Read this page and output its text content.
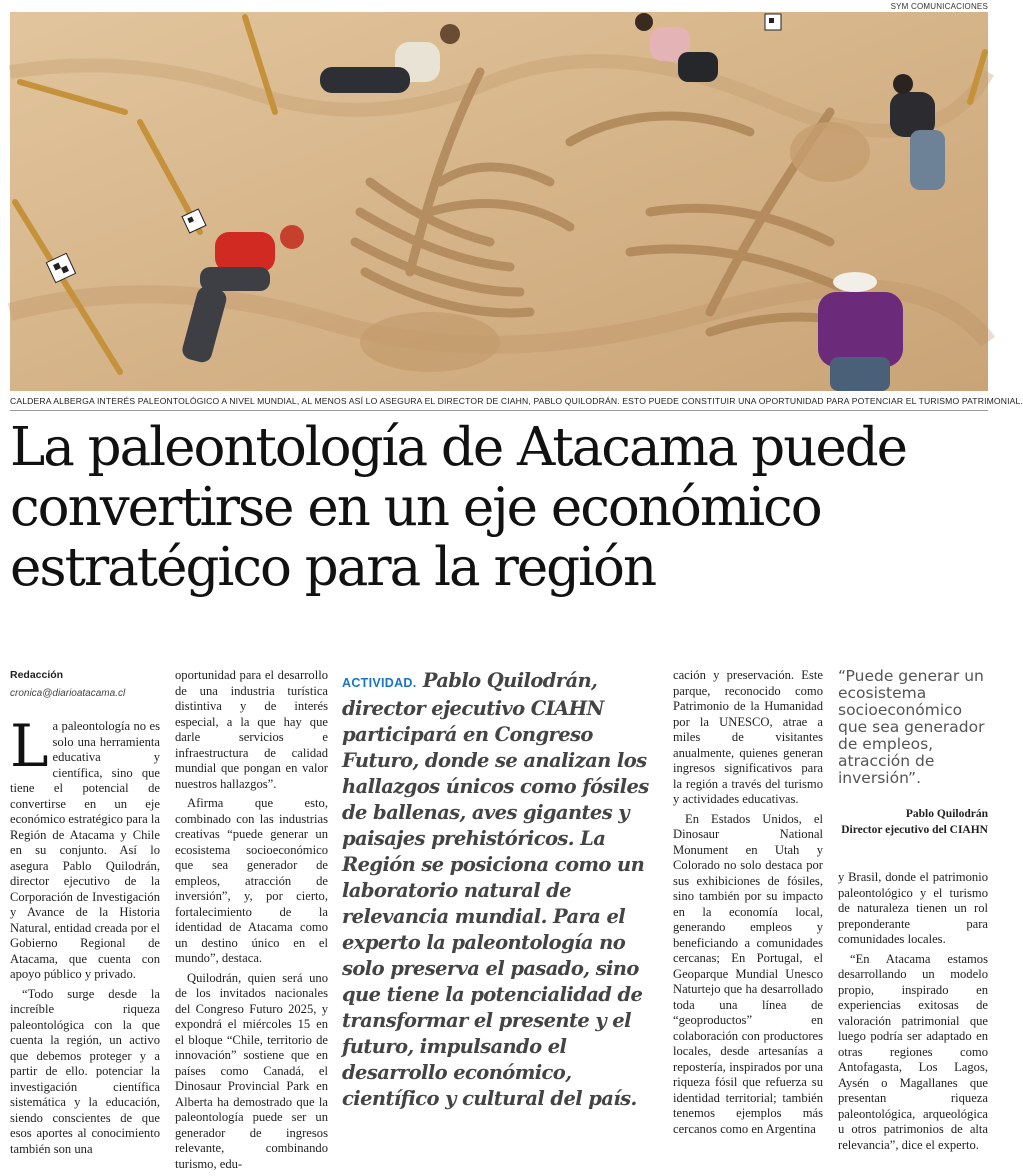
SYM COMUNICACIONES
CALDERA ALBERGA INTERÉS PALEONTOLÓGICO A NIVEL MUNDIAL, AL MENOS ASÍ LO ASEGURA EL DIRECTOR DE CIAHN, PABLO QUILODRÁN. ESTO PUEDE CONSTITUIR UNA OPORTUNIDAD PARA POTENCIAR EL TURISMO PATRIMONIAL.
La paleontología de Atacama puede convertirse en un eje económico estratégico para la región
Redacción
cronica@diarioatacama.cl

La paleontología no es solo una herramienta educativa y científica, sino que tiene el potencial de convertirse en un eje económico estratégico para la Región de Atacama y Chile en su conjunto. Así lo asegura Pablo Quilodrán, director ejecutivo de la Corporación de Investigación y Avance de la Historia Natural, entidad creada por el Gobierno Regional de Atacama, que cuenta con apoyo público y privado.

“Todo surge desde la increíble riqueza paleontológica con la que cuenta la región, un activo que debemos proteger y a partir de ello. potenciar la investigación científica sistemática y la educación, siendo conscientes de que esos aportes al conocimiento también son una

oportunidad para el desarrollo de una industria turística distintiva y de interés especial, a la que hay que darle servicios e infraestructura de calidad mundial que pongan en valor nuestros hallazgos”.

Afirma que esto, combinado con las industrias creativas “puede generar un ecosistema socioeconómico que sea generador de empleos, atracción de inversión”, y, por cierto, fortalecimiento de la identidad de Atacama como un destino único en el mundo”, destaca.

Quilodrán, quien será uno de los invitados nacionales del Congreso Futuro 2025, y expondrá el miércoles 15 en el bloque “Chile, territorio de innovación” sostiene que en países como Canadá, el Dinosaur Provincial Park en Alberta ha demostrado que la paleontología puede ser un generador de ingresos relevante, combinando turismo, edu-

ACTIVIDAD. Pablo Quilodrán, director ejecutivo CIAHN participará en Congreso Futuro, donde se analizan los hallazgos únicos como fósiles de ballenas, aves gigantes y paisajes prehistóricos. La Región se posiciona como un laboratorio natural de relevancia mundial. Para el experto la paleontología no solo preserva el pasado, sino que tiene la potencialidad de transformar el presente y el futuro, impulsando el desarrollo económico, científico y cultural del país.

cación y preservación. Este parque, reconocido como Patrimonio de la Humanidad por la UNESCO, atrae a miles de visitantes anualmente, quienes generan ingresos significativos para la región a través del turismo y actividades educativas.

En Estados Unidos, el Dinosaur National Monument en Utah y Colorado no solo destaca por sus exhibiciones de fósiles, sino también por su impacto en la economía local, generando empleos y beneficiando a comunidades cercanas; En Portugal, el Geoparque Mundial Unesco Naturtejo que ha desarrollado toda una línea de “geoproductos” en colaboración con productores locales, desde artesanías a repostería, inspirados por una riqueza fósil que refuerza su identidad territorial; también tenemos ejemplos más cercanos como en Argentina

“Puede generar un ecosistema socioeconómico que sea generador de empleos, atracción de inversión”.
Pablo Quilodrán
Director ejecutivo del CIAHN

y Brasil, donde el patrimonio paleontológico y el turismo de naturaleza tienen un rol preponderante para comunidades locales.

“En Atacama estamos desarrollando un modelo propio, inspirado en experiencias exitosas de valoración patrimonial que luego podría ser adaptado en otras regiones como Antofagasta, Los Lagos, Aysén o Magallanes que presentan riqueza paleontológica, arqueológica u otros patrimonios de alta relevancia”, dice el experto.
